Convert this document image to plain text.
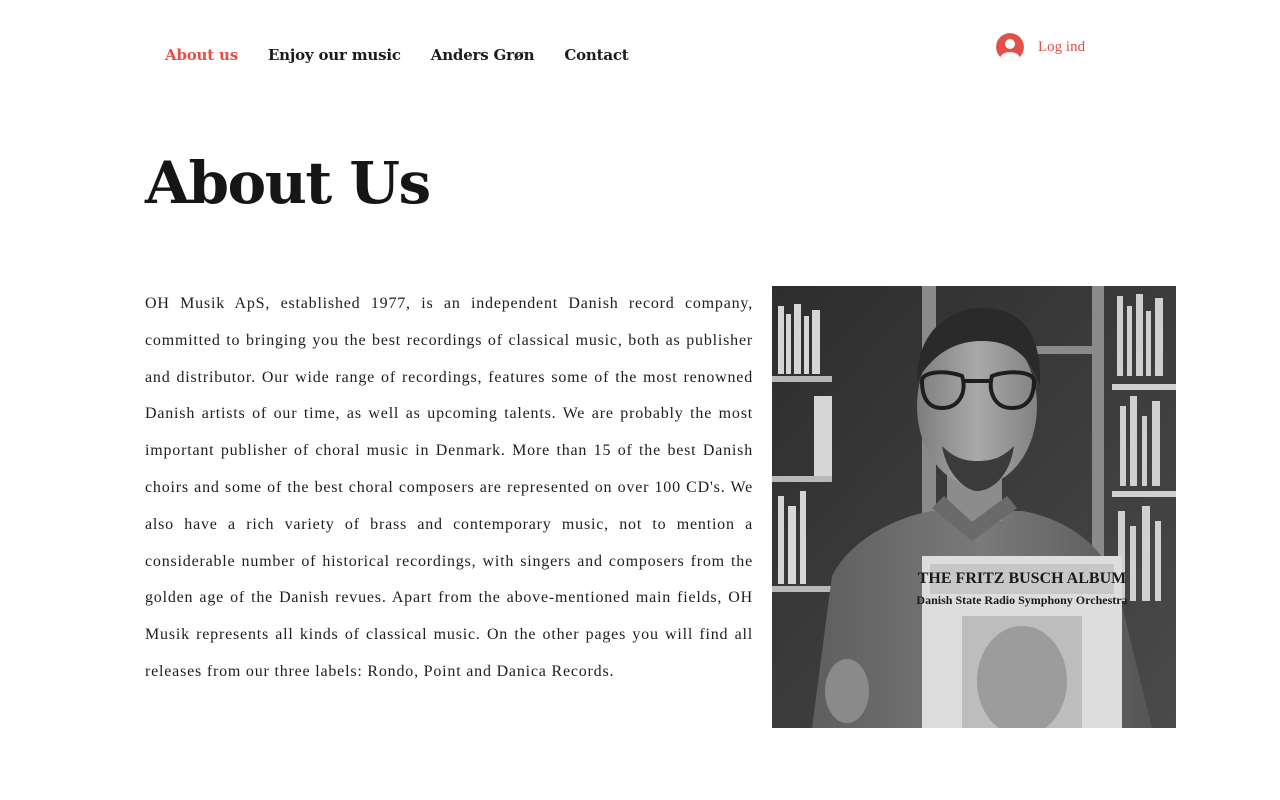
About us	Enjoy our music	Anders Grøn	Contact	Log ind
About Us

OH Musik ApS, established 1977, is an independent Danish record company, committed to bringing you the best recordings of classical music, both as publisher and distributor. Our wide range of recordings, features some of the most renowned Danish artists of our time, as well as upcoming talents. We are probably the most important publisher of choral music in Denmark. More than 15 of the best Danish choirs and some of the best choral composers are represented on over 100 CD's. We also have a rich variety of brass and contemporary music, not to mention a considerable number of historical recordings, with singers and composers from the golden age of the Danish revues. Apart from the above-mentioned main fields, OH Musik represents all kinds of classical music. On the other pages you will find all releases from our three labels: Rondo, Point and Danica Records.

THE FRITZ BUSCH ALBUM
Danish State Radio Symphony Orchestra
